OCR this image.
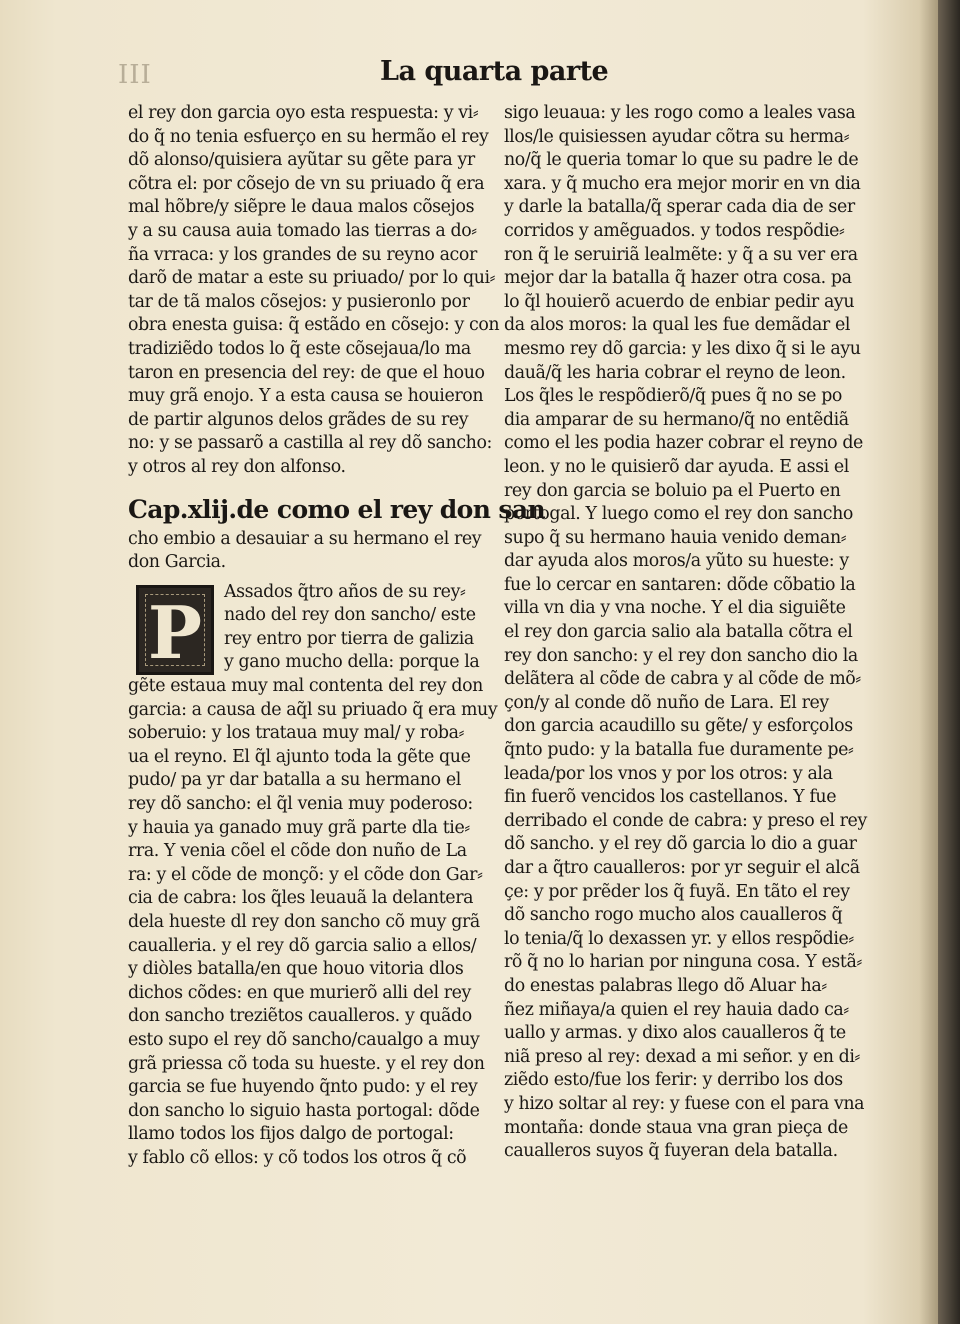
III	La quarta parte
el rey don garcia oyo esta respuesta: y vi⸗
do q̃ no tenia esfuerço en su hermão el rey
dõ alonso/quisiera ayũtar su gẽte para yr
cõtra el: por cõsejo de vn su priuado q̃ era
mal hõbre/y siẽpre le daua malos cõsejos
y a su causa auia tomado las tierras a do⸗
ña vrraca: y los grandes de su reyno acor
darõ de matar a este su priuado/ por lo qui⸗
tar de tã malos cõsejos: y pusieronlo por
obra enesta guisa: q̃ estãdo en cõsejo: y con
tradiziẽdo todos lo q̃ este cõsejaua/lo ma
taron en presencia del rey: de que el houo
muy grã enojo. Y a esta causa se houieron
de partir algunos delos grãdes de su rey
no: y se passarõ a castilla al rey dõ sancho:
y otros al rey don alfonso.
Cap.xlij.de como el rey don san
cho embio a desauiar a su hermano el rey
don Garcia.
P	Assados q̃tro años de su rey⸗
nado del rey don sancho/ este
rey entro por tierra de galizia
y gano mucho della: porque la
gẽte estaua muy mal contenta del rey don
garcia: a causa de aq̃l su priuado q̃ era muy
soberuio: y los trataua muy mal/ y roba⸗
ua el reyno. El q̃l ajunto toda la gẽte que
pudo/ pa yr dar batalla a su hermano el
rey dõ sancho: el q̃l venia muy poderoso:
y hauia ya ganado muy grã parte dla tie⸗
rra. Y venia cõel el cõde don nuño de La
ra: y el cõde de monçõ: y el cõde don Gar⸗
cia de cabra: los q̃les leuauã la delantera
dela hueste dl rey don sancho cõ muy grã
caualleria. y el rey dõ garcia salio a ellos/
y diòles batalla/en que houo vitoria dlos
dichos cõdes: en que murierõ alli del rey
don sancho treziẽtos caualleros. y quãdo
esto supo el rey dõ sancho/caualgo a muy
grã priessa cõ toda su hueste. y el rey don
garcia se fue huyendo q̃nto pudo: y el rey
don sancho lo siguio hasta portogal: dõde
llamo todos los fijos dalgo de portogal:
y fablo cõ ellos: y cõ todos los otros q̃ cõ
sigo leuaua: y les rogo como a leales vasa
llos/le quisiessen ayudar cõtra su herma⸗
no/q̃ le queria tomar lo que su padre le de
xara. y q̃ mucho era mejor morir en vn dia
y darle la batalla/q̃ sperar cada dia de ser
corridos y amẽguados. y todos respõdie⸗
ron q̃ le seruiriã lealmẽte: y q̃ a su ver era
mejor dar la batalla q̃ hazer otra cosa. pa
lo q̃l houierõ acuerdo de enbiar pedir ayu
da alos moros: la qual les fue demãdar el
mesmo rey dõ garcia: y les dixo q̃ si le ayu
dauã/q̃ les haria cobrar el reyno de leon.
Los q̃les le respõdierõ/q̃ pues q̃ no se po
dia amparar de su hermano/q̃ no entẽdiã
como el les podia hazer cobrar el reyno de
leon. y no le quisierõ dar ayuda. E assi el
rey don garcia se boluio pa el Puerto en
portogal. Y luego como el rey don sancho
supo q̃ su hermano hauia venido deman⸗
dar ayuda alos moros/a yũto su hueste: y
fue lo cercar en santaren: dõde cõbatio la
villa vn dia y vna noche. Y el dia siguiẽte
el rey don garcia salio ala batalla cõtra el
rey don sancho: y el rey don sancho dio la
delãtera al cõde de cabra y al cõde de mõ⸗
çon/y al conde dõ nuño de Lara. El rey
don garcia acaudillo su gẽte/ y esforçolos
q̃nto pudo: y la batalla fue duramente pe⸗
leada/por los vnos y por los otros: y ala
fin fuerõ vencidos los castellanos. Y fue
derribado el conde de cabra: y preso el rey
dõ sancho. y el rey dõ garcia lo dio a guar
dar a q̃tro caualleros: por yr seguir el alcã
çe: y por prẽder los q̃ fuyã. En tãto el rey
dõ sancho rogo mucho alos caualleros q̃
lo tenia/q̃ lo dexassen yr. y ellos respõdie⸗
rõ q̃ no lo harian por ninguna cosa. Y estã⸗
do enestas palabras llego dõ Aluar ha⸗
ñez miñaya/a quien el rey hauia dado ca⸗
uallo y armas. y dixo alos caualleros q̃ te
niã preso al rey: dexad a mi señor. y en di⸗
ziẽdo esto/fue los ferir: y derribo los dos
y hizo soltar al rey: y fuese con el para vna
montaña: donde staua vna gran pieça de
caualleros suyos q̃ fuyeran dela batalla.
